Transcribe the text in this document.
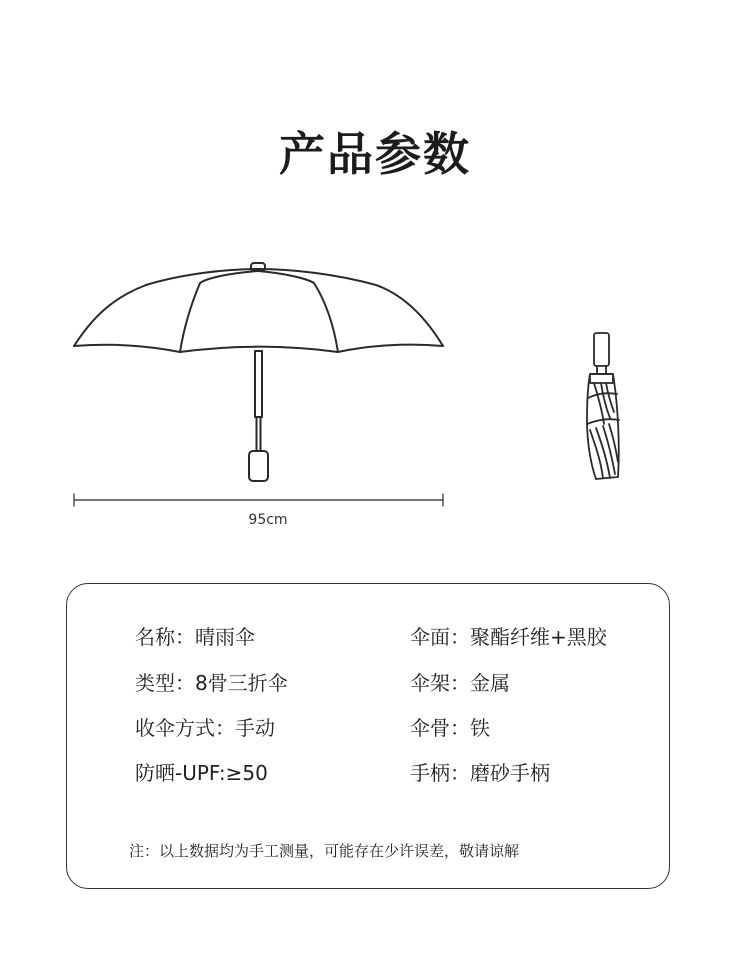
产品参数
95cm
名称：晴雨伞
类型：8骨三折伞
收伞方式：手动
防晒-UPF:≥50
伞面：聚酯纤维+黑胶
伞架：金属
伞骨：铁
手柄：磨砂手柄
注：以上数据均为手工测量，可能存在少许误差，敬请谅解
